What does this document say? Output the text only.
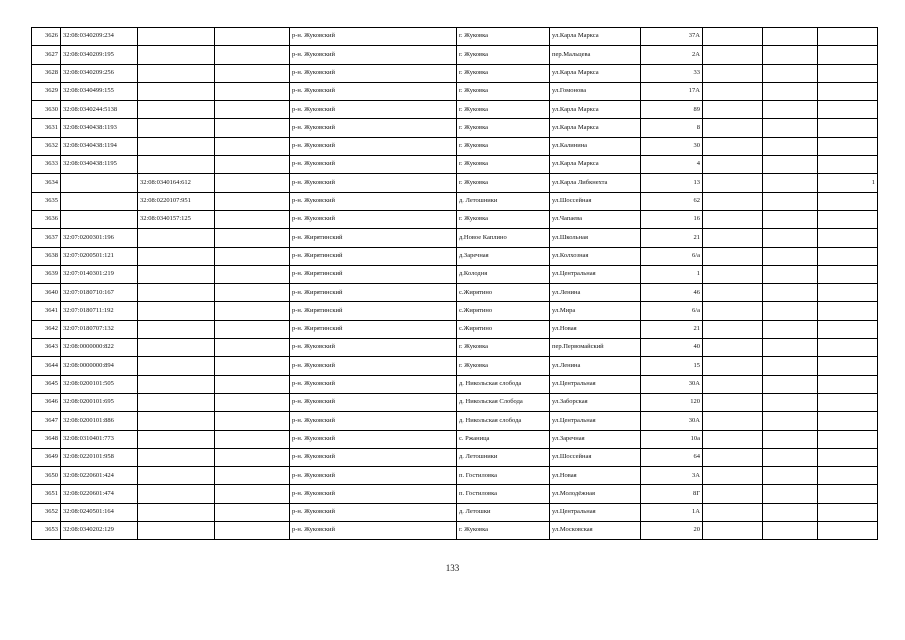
3626	32:08:0340209:234			р-н. Жуковский	г. Жуковка	ул.Карла Маркса	37А			
3627	32:08:0340209:195			р-н. Жуковский	г. Жуковка	пер.Мальцева	2А			
3628	32:08:0340209:256			р-н. Жуковский	г. Жуковка	ул.Карла Маркса	33			
3629	32:08:0340499:155			р-н. Жуковский	г. Жуковка	ул.Гомонова	17А			
3630	32:08:0340244:5138			р-н. Жуковский	г. Жуковка	ул.Карла Маркса	89			
3631	32:08:0340438:1193			р-н. Жуковский	г. Жуковка	ул.Карла Маркса	8			
3632	32:08:0340438:1194			р-н. Жуковский	г. Жуковка	ул.Калинина	30			
3633	32:08:0340438:1195			р-н. Жуковский	г. Жуковка	ул.Карла Маркса	4			
3634		32:08:0340164:612		р-н. Жуковский	г. Жуковка	ул.Карла Либкнехта	13			1
3635		32:08:0220107:951		р-н. Жуковский	д. Летошники	ул.Шоссейная	62			
3636		32:08:0340157:125		р-н. Жуковский	г. Жуковка	ул.Чапаева	16			
3637	32:07:0200301:196			р-н. Жирятинский	д.Новое Каплино	ул.Школьная	21			
3638	32:07:0200501:121			р-н. Жирятинский	д.Заречная	ул.Колхозная	6/а			
3639	32:07:0140301:219			р-н. Жирятинский	д.Колодня	ул.Центральная	1			
3640	32:07:0180710:167			р-н. Жирятинский	с.Жирятино	ул.Ленина	46			
3641	32:07:0180711:192			р-н. Жирятинский	с.Жирятино	ул.Мира	6/а			
3642	32:07:0180707:132			р-н. Жирятинский	с.Жирятино	ул.Новая	21			
3643	32:08:0000000:822			р-н. Жуковский	г. Жуковка	пер.Первомайский	40			
3644	32:08:0000000:894			р-н. Жуковский	г. Жуковка	ул.Ленина	15			
3645	32:08:0200101:505			р-н. Жуковский	д. Никольская слобода	ул.Центральная	30А			
3646	32:08:0200101:695			р-н. Жуковский	д. Никольская Слобода	ул.Заборская	120			
3647	32:08:0200101:886			р-н. Жуковский	д. Никольская слобода	ул.Центральная	30А			
3648	32:08:0310401:773			р-н. Жуковский	с. Ржаница	ул.Заречная	10а			
3649	32:08:0220101:958			р-н. Жуковский	д. Летошники	ул.Шоссейная	64			
3650	32:08:0220601:424			р-н. Жуковский	п. Гостиловка	ул.Новая	3А			
3651	32:08:0220601:474			р-н. Жуковский	п. Гостиловка	ул.Молодёжная	8Г			
3652	32:08:0240501:164			р-н. Жуковский	д. Летошки	ул.Центральная	1А			
3653	32:08:0340202:129			р-н. Жуковский	г. Жуковка	ул.Московская	20			
133
